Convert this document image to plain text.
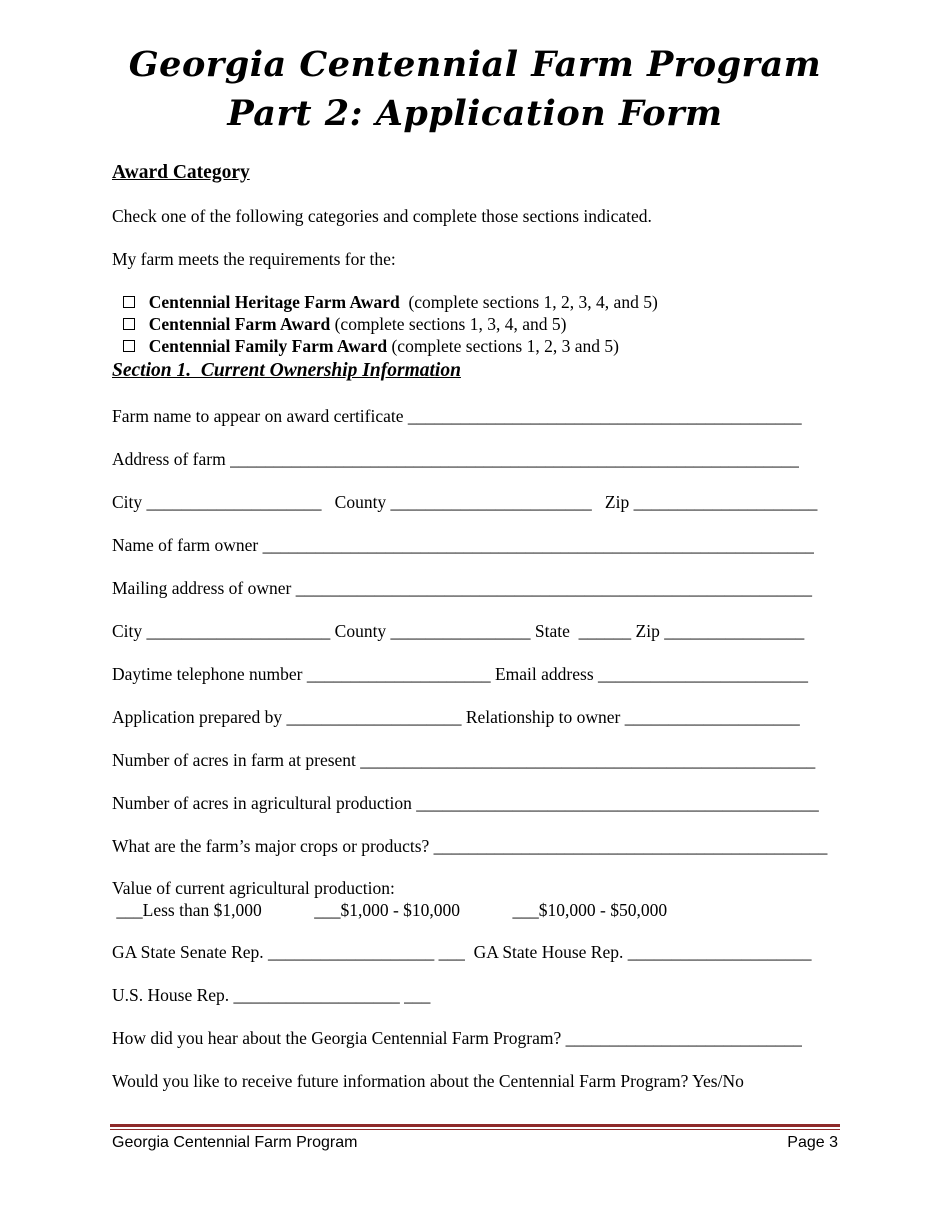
Georgia Centennial Farm Program
Part 2: Application Form
Award Category
Check one of the following categories and complete those sections indicated.
My farm meets the requirements for the:

Centennial Heritage Farm Award  (complete sections 1, 2, 3, 4, and 5)

Centennial Farm Award (complete sections 1, 3, 4, and 5)

Centennial Family Farm Award (complete sections 1, 2, 3 and 5)

Section 1.  Current Ownership Information
Farm name to appear on award certificate _____________________________________________
Address of farm _________________________________________________________________
City ____________________   County _______________________   Zip _____________________
Name of farm owner _______________________________________________________________
Mailing address of owner ___________________________________________________________
City _____________________ County ________________ State  ______ Zip ________________
Daytime telephone number _____________________ Email address ________________________
Application prepared by ____________________ Relationship to owner ____________________
Number of acres in farm at present ____________________________________________________
Number of acres in agricultural production ______________________________________________
What are the farm’s major crops or products? _____________________________________________
Value of current agricultural production:
___Less than $1,000            ___$1,000 - $10,000            ___$10,000 - $50,000
GA State Senate Rep. ___________________ ___  GA State House Rep. _____________________
U.S. House Rep. ___________________ ___
How did you hear about the Georgia Centennial Farm Program? ___________________________
Would you like to receive future information about the Centennial Farm Program? Yes/No
Georgia Centennial Farm Program	Page 3
